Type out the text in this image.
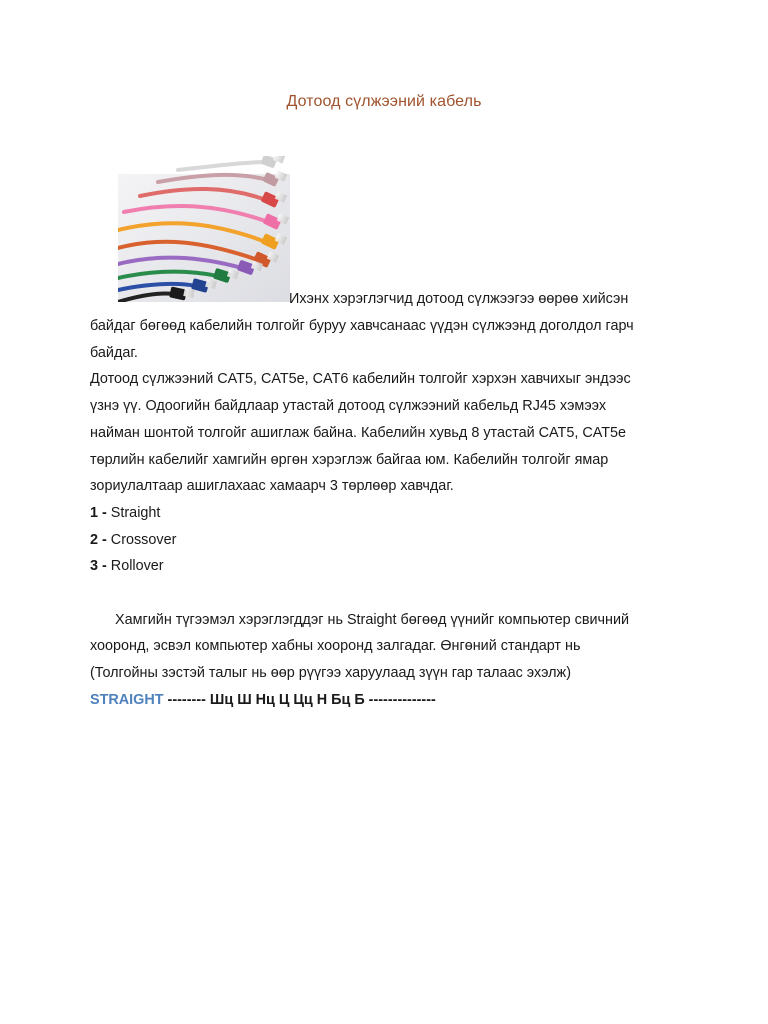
Дотоод сүлжээний кабель
Ихэнх хэрэглэгчид дотоод сүлжээгээ өөрөө хийсэн
байдаг бөгөөд кабелийн толгойг буруу хавчсанаас үүдэн сүлжээнд доголдол гарч
байдаг.
Дотоод сүлжээний CAT5, CAT5e, CAT6 кабелийн толгойг хэрхэн хавчихыг эндээс
үзнэ үү. Одоогийн байдлаар утастай дотоод сүлжээний кабельд RJ45 хэмээх
найман шонтой толгойг ашиглаж байна. Кабелийн хувьд 8 утастай CAT5, CAT5e
төрлийн кабелийг хамгийн өргөн хэрэглэж байгаа юм. Кабелийн толгойг ямар
зориулалтаар ашиглахаас хамаарч 3 төрлөөр хавчдаг.
1 - Straight
2 - Crossover
3 - Rollover
Хамгийн түгээмэл хэрэглэгддэг нь Straight бөгөөд үүнийг компьютер свичний
хооронд, эсвэл компьютер хабны хооронд залгадаг. Өнгөний стандарт нь
(Толгойны зэстэй талыг нь өөр рүүгээ харуулаад зүүн гар талаас эхэлж)
STRAIGHT -------- Шц Ш Нц Ц Цц Н Бц Б --------------
